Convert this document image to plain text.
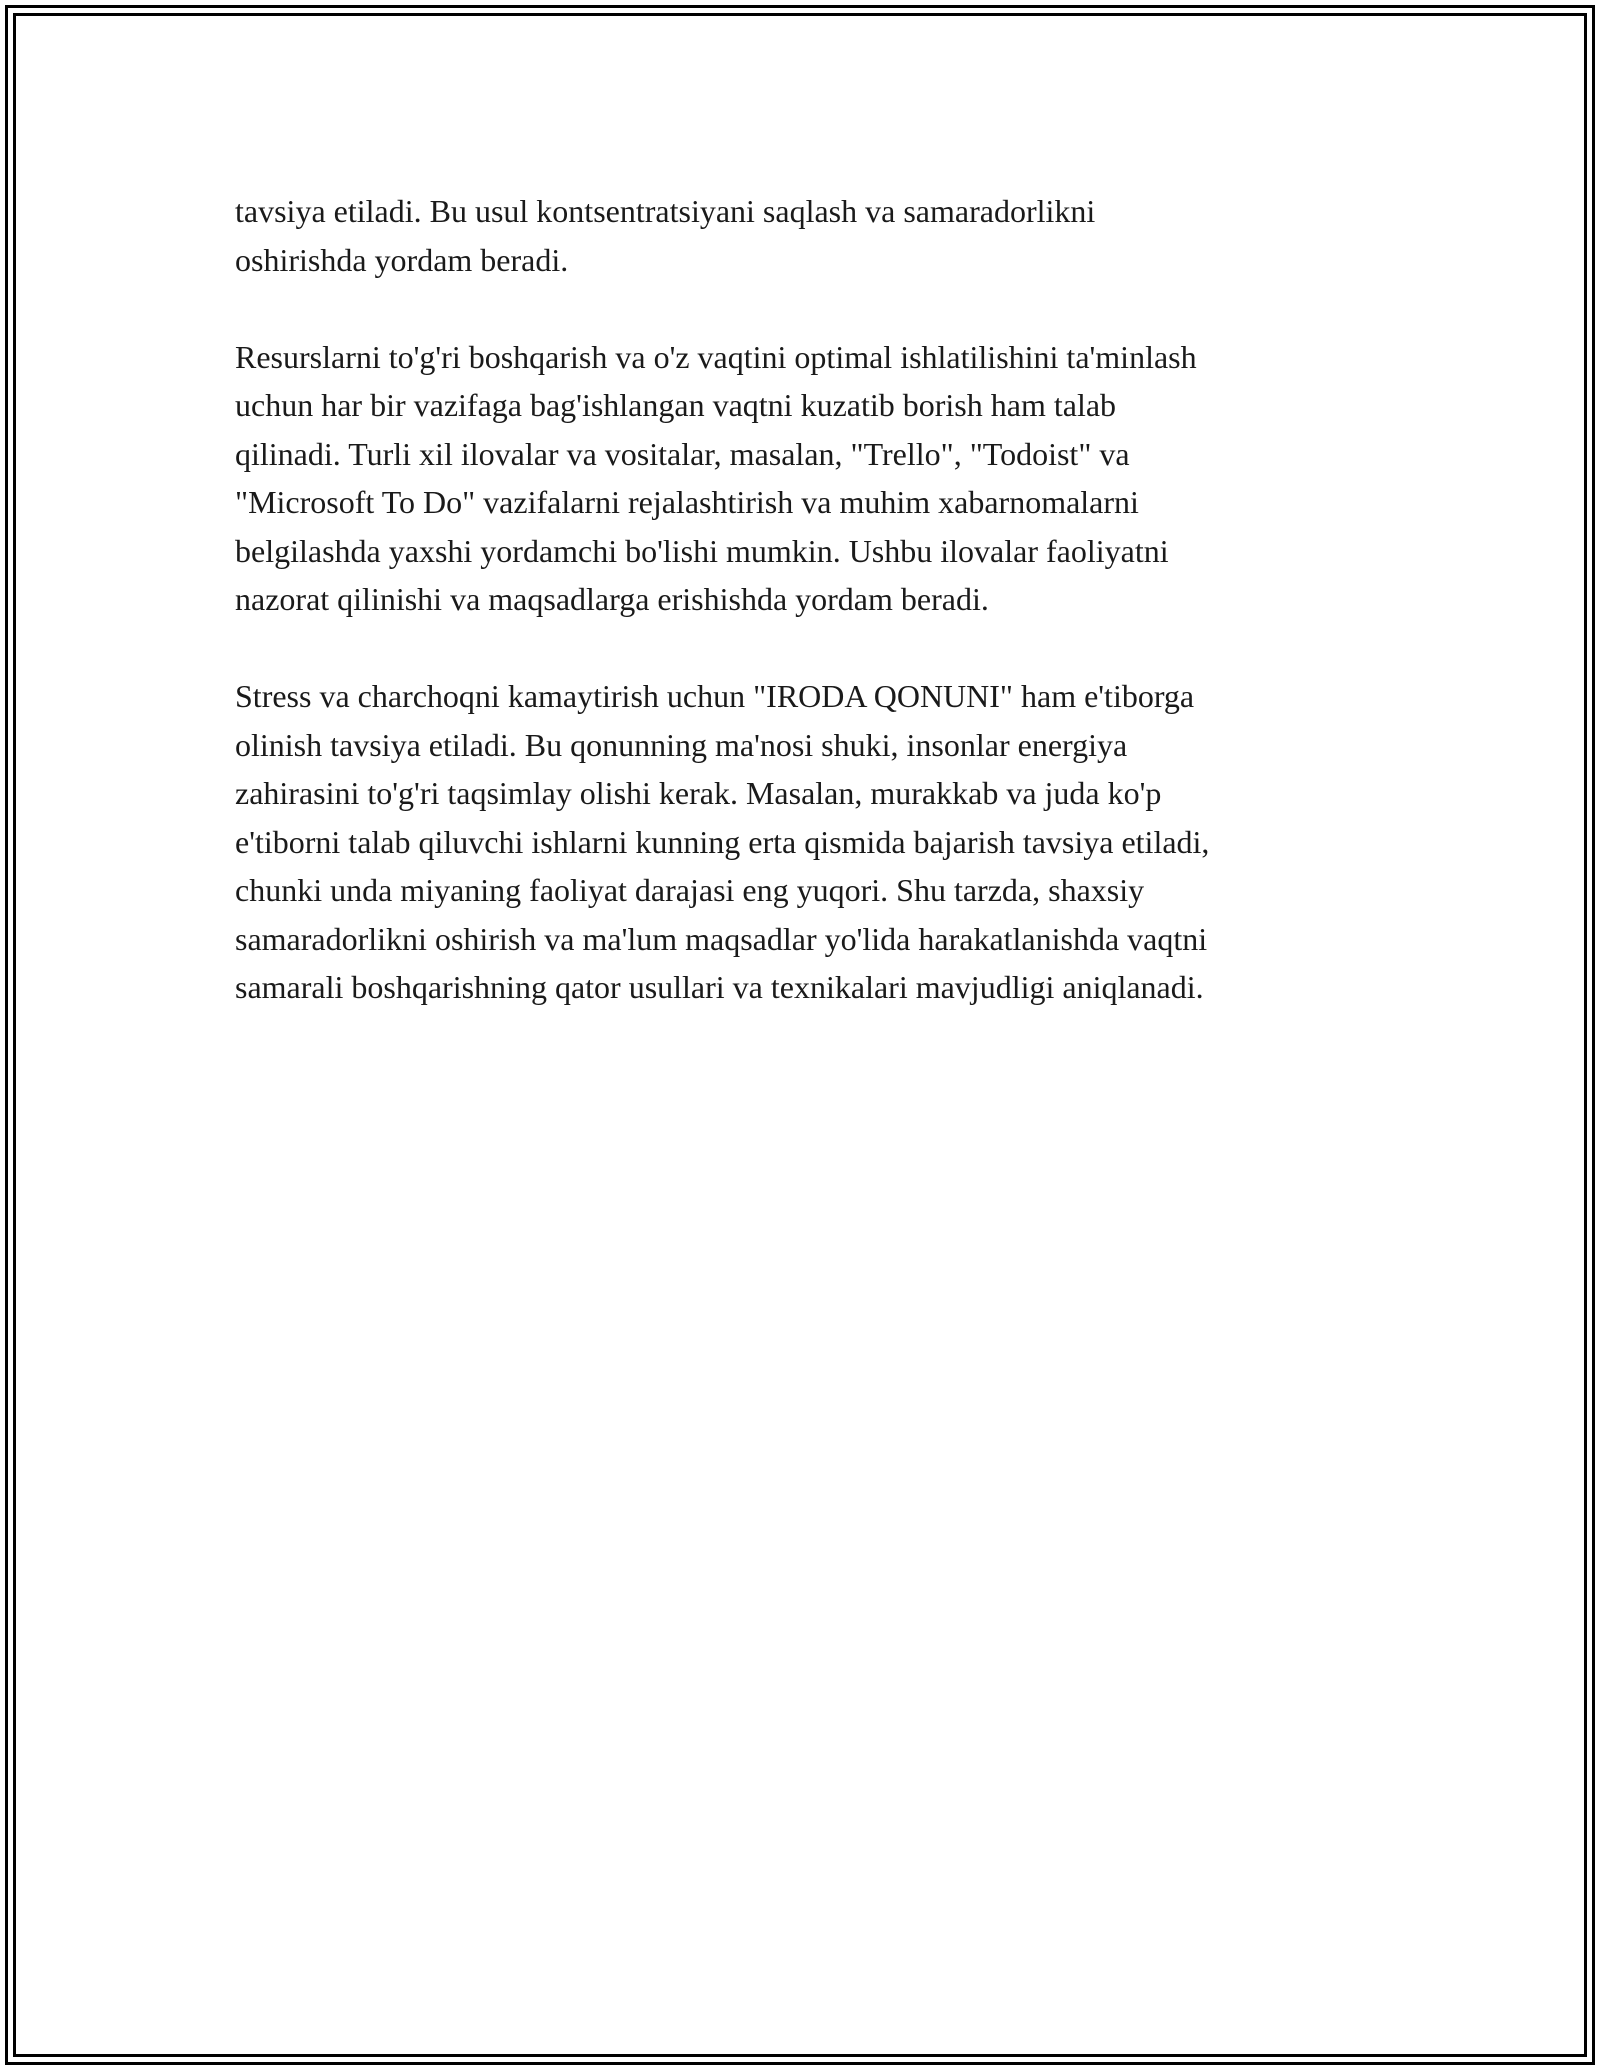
tavsiya etiladi. Bu usul kontsentratsiyani saqlash va samaradorlikni
oshirishda yordam beradi.

Resurslarni to'g'ri boshqarish va o'z vaqtini optimal ishlatilishini ta'minlash
uchun har bir vazifaga bag'ishlangan vaqtni kuzatib borish ham talab
qilinadi. Turli xil ilovalar va vositalar, masalan, "Trello", "Todoist" va
"Microsoft To Do" vazifalarni rejalashtirish va muhim xabarnomalarni
belgilashda yaxshi yordamchi bo'lishi mumkin. Ushbu ilovalar faoliyatni
nazorat qilinishi va maqsadlarga erishishda yordam beradi.

Stress va charchoqni kamaytirish uchun "IRODA QONUNI" ham e'tiborga
olinish tavsiya etiladi. Bu qonunning ma'nosi shuki, insonlar energiya
zahirasini to'g'ri taqsimlay olishi kerak. Masalan, murakkab va juda ko'p
e'tiborni talab qiluvchi ishlarni kunning erta qismida bajarish tavsiya etiladi,
chunki unda miyaning faoliyat darajasi eng yuqori. Shu tarzda, shaxsiy
samaradorlikni oshirish va ma'lum maqsadlar yo'lida harakatlanishda vaqtni
samarali boshqarishning qator usullari va texnikalari mavjudligi aniqlanadi.
